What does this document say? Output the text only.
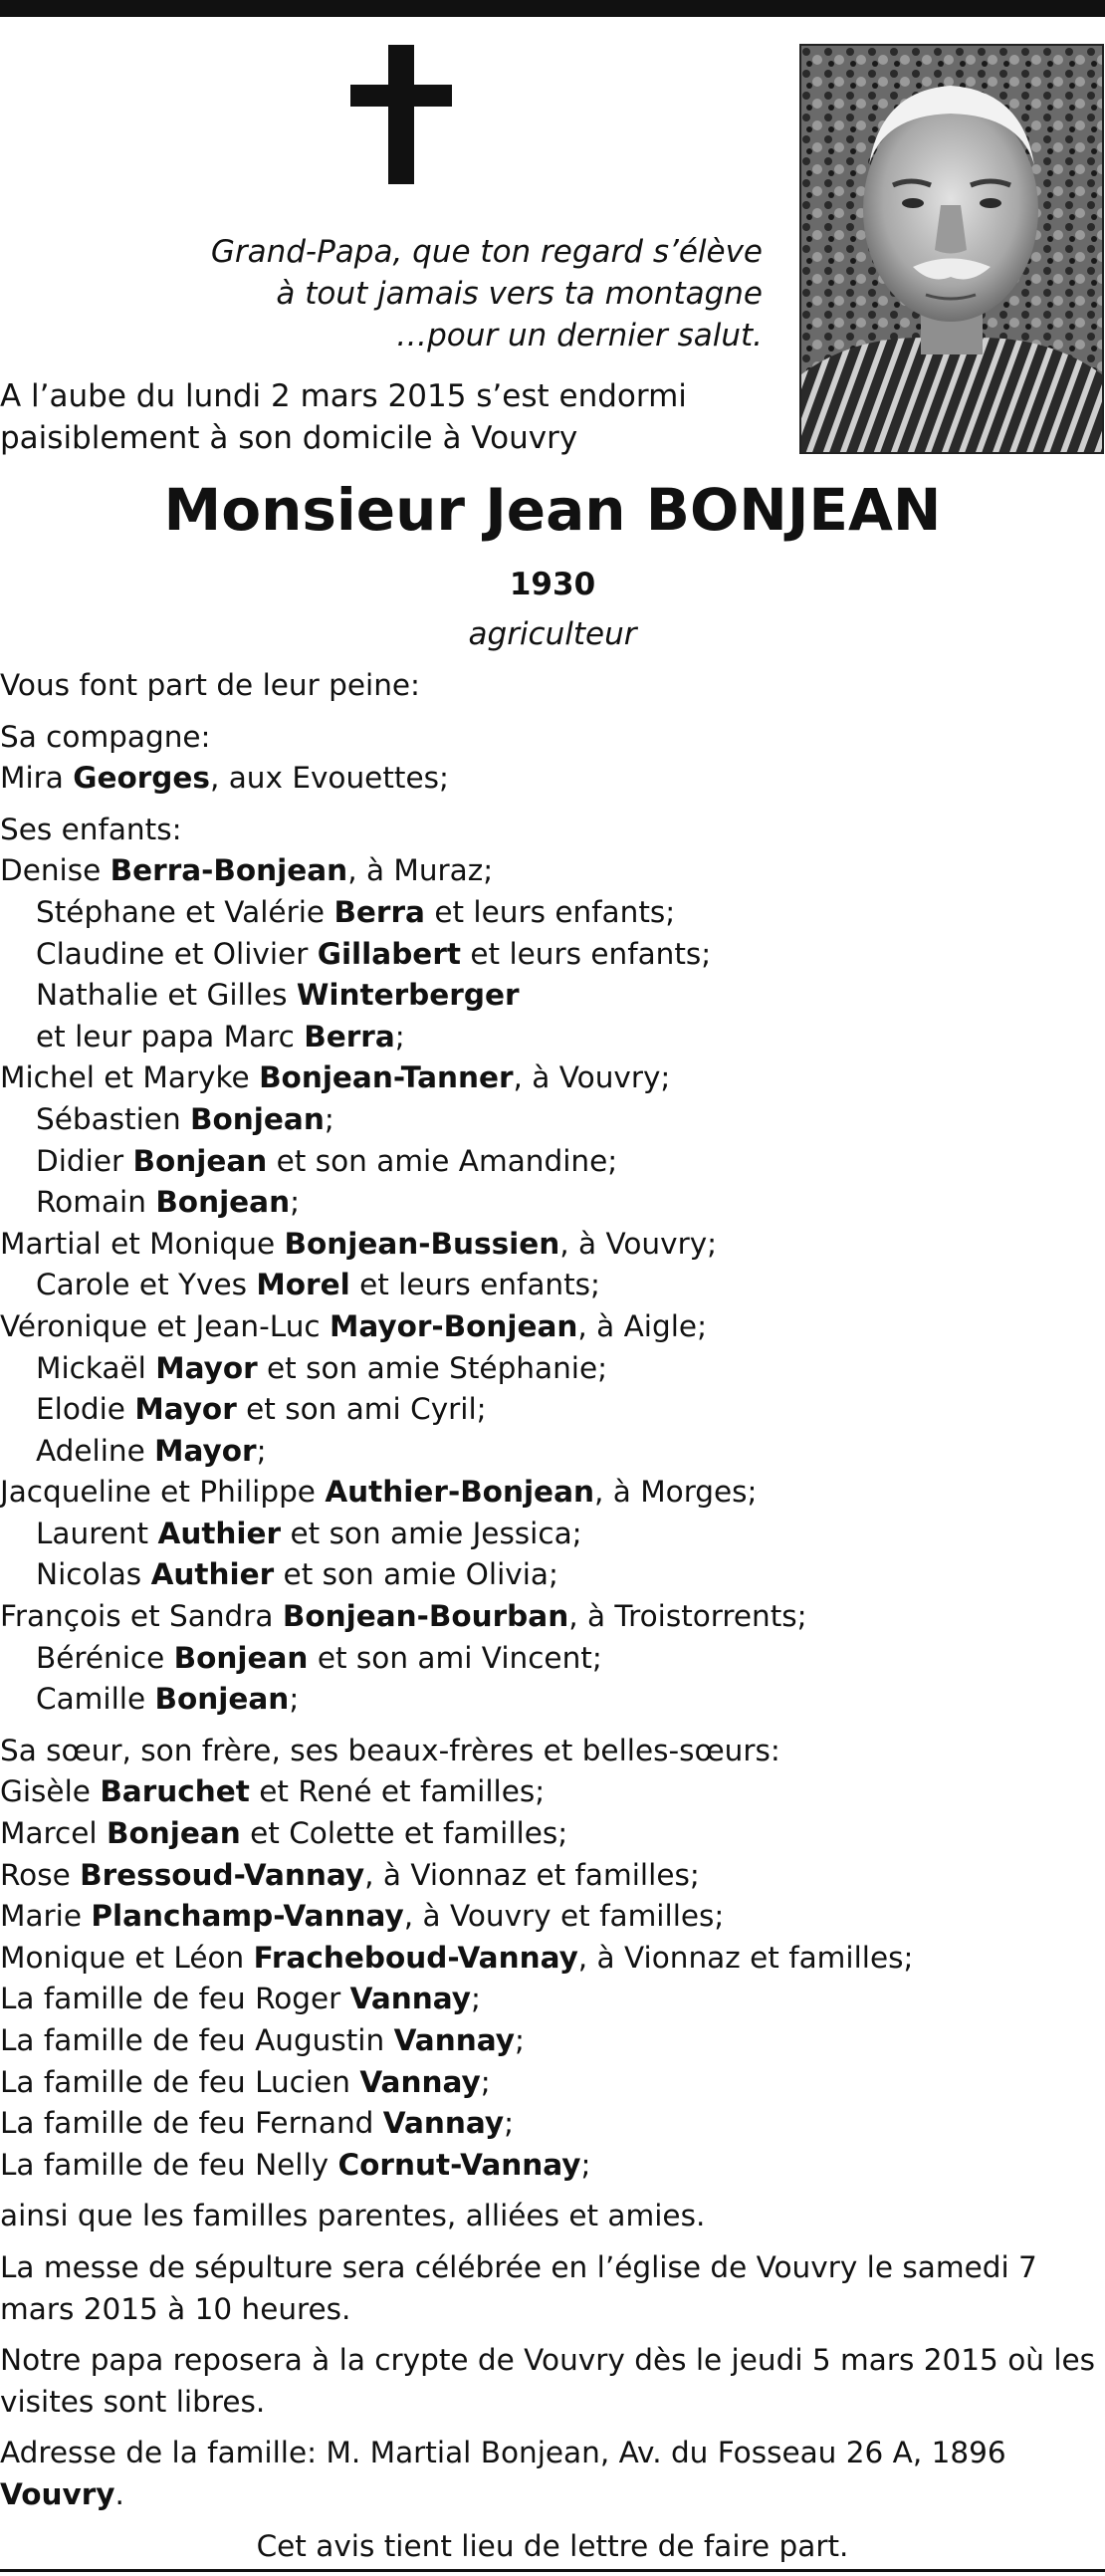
Grand-Papa, que ton regard s’élève
à tout jamais vers ta montagne
…pour un dernier salut.
A l’aube du lundi 2 mars 2015 s’est endormi
paisiblement à son domicile à Vouvry
Monsieur Jean BONJEAN
1930
agriculteur
Vous font part de leur peine:
Sa compagne:
Mira Georges, aux Evouettes;
Ses enfants:
Denise Berra-Bonjean, à Muraz;
Stéphane et Valérie Berra et leurs enfants;
Claudine et Olivier Gillabert et leurs enfants;
Nathalie et Gilles Winterberger
et leur papa Marc Berra;
Michel et Maryke Bonjean-Tanner, à Vouvry;
Sébastien Bonjean;
Didier Bonjean et son amie Amandine;
Romain Bonjean;
Martial et Monique Bonjean-Bussien, à Vouvry;
Carole et Yves Morel et leurs enfants;
Véronique et Jean-Luc Mayor-Bonjean, à Aigle;
Mickaël Mayor et son amie Stéphanie;
Elodie Mayor et son ami Cyril;
Adeline Mayor;
Jacqueline et Philippe Authier-Bonjean, à Morges;
Laurent Authier et son amie Jessica;
Nicolas Authier et son amie Olivia;
François et Sandra Bonjean-Bourban, à Troistorrents;
Bérénice Bonjean et son ami Vincent;
Camille Bonjean;
Sa sœur, son frère, ses beaux-frères et belles-sœurs:
Gisèle Baruchet et René et familles;
Marcel Bonjean et Colette et familles;
Rose Bressoud-Vannay, à Vionnaz et familles;
Marie Planchamp-Vannay, à Vouvry et familles;
Monique et Léon Fracheboud-Vannay, à Vionnaz et familles;
La famille de feu Roger Vannay;
La famille de feu Augustin Vannay;
La famille de feu Lucien Vannay;
La famille de feu Fernand Vannay;
La famille de feu Nelly Cornut-Vannay;
ainsi que les familles parentes, alliées et amies.
La messe de sépulture sera célébrée en l’église de Vouvry le samedi 7 mars 2015 à 10 heures.
Notre papa reposera à la crypte de Vouvry dès le jeudi 5 mars 2015 où les visites sont libres.
Adresse de la famille: M. Martial Bonjean, Av. du Fosseau 26 A, 1896 Vouvry.
Cet avis tient lieu de lettre de faire part.
